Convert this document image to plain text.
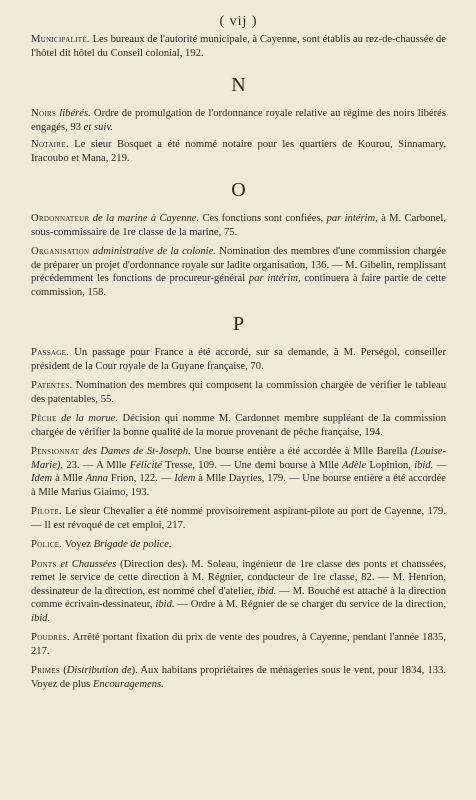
( vij )

Municipalité. Les bureaux de l'autorité municipale, à Cayenne, sont établis au rez-de-chaussée de l'hôtel dit hôtel du Conseil colonial, 192.

N

Noirs libérés. Ordre de promulgation de l'ordonnance royale relative au régime des noirs libérés engagés, 93 et suiv.

Notaire. Le sieur Bosquet a été nommé notaire pour les quartiers de Kourou, Sinnamary, Iracoubo et Mana, 219.

O

Ordonnateur de la marine à Cayenne. Ces fonctions sont confiées, par intérim, à M. Carbonel, sous-commissaire de 1re classe de la marine, 75.

Organisation administrative de la colonie. Nomination des membres d'une commission chargée de préparer un projet d'ordonnance royale sur ladite organisation, 136. — M. Gibelin, remplissant précédemment les fonctions de procureur-général par intérim, continuera à faire partie de cette commission, 158.

P

Passage. Un passage pour France a été accordé, sur sa demande, à M. Perségol, conseiller président de la Cour royale de la Guyane française, 70.

Patentes. Nomination des membres qui composent la commission chargée de vérifier le tableau des patentables, 55.

Pêche de la morue. Décision qui nomme M. Cardonnet membre suppléant de la commission chargée de vérifier la bonne qualité de la morue provenant de pêche française, 194.

Pensionnat des Dames de St-Joseph. Une bourse entière a été accordée à Mlle Barella (Louise-Marie), 23. — A Mlle Félicité Tresse, 109. — Une demi bourse à Mlle Adèle Lopinion, ibid. — Idem à Mlle Anna Frion, 122. — Idem à Mlle Dayries, 179. — Une bourse entière a été accordée à Mlle Marius Giaimo, 193.

Pilote. Le sieur Chevalier a été nommé provisoirement aspirant-pilote au port de Cayenne, 179. — Il est révoqué de cet emploi, 217.

Police. Voyez Brigade de police.

Ponts et Chaussées (Direction des). M. Soleau, ingénieur de 1re classe des ponts et chaussées, remet le service de cette direction à M. Régnier, conducteur de 1re classe, 82. — M. Henrion, dessinateur de la direction, est nommé chef d'atelier, ibid. — M. Bouché est attaché à la direction comme écrivain-dessinateur, ibid. — Ordre à M. Régnier de se charger du service de la direction, ibid.

Poudres. Arrêté portant fixation du prix de vente des poudres, à Cayenne, pendant l'année 1835, 217.

Primes (Distribution de). Aux habitans propriétaires de ménageries sous le vent, pour 1834, 133. Voyez de plus Encouragemens.
